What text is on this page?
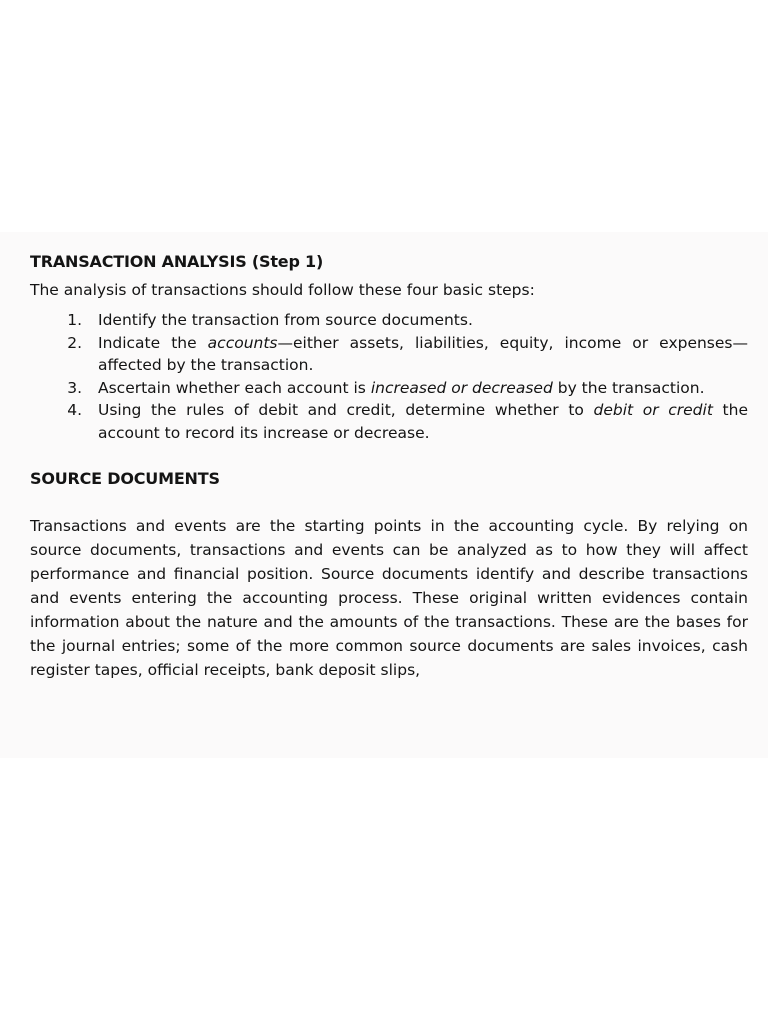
TRANSACTION ANALYSIS (Step 1)

The analysis of transactions should follow these four basic steps:

1.	Identify the transaction from source documents.
2.	Indicate the accounts—either assets, liabilities, equity, income or expenses—affected by the transaction.
3.	Ascertain whether each account is increased or decreased by the transaction.
4.	Using the rules of debit and credit, determine whether to debit or credit the account to record its increase or decrease.
SOURCE DOCUMENTS

Transactions and events are the starting points in the accounting cycle. By relying on source documents, transactions and events can be analyzed as to how they will affect performance and financial position. Source documents identify and describe transactions and events entering the accounting process. These original written evidences contain information about the nature and the amounts of the transactions. These are the bases for the journal entries; some of the more common source documents are sales invoices, cash register tapes, official receipts, bank deposit slips,
